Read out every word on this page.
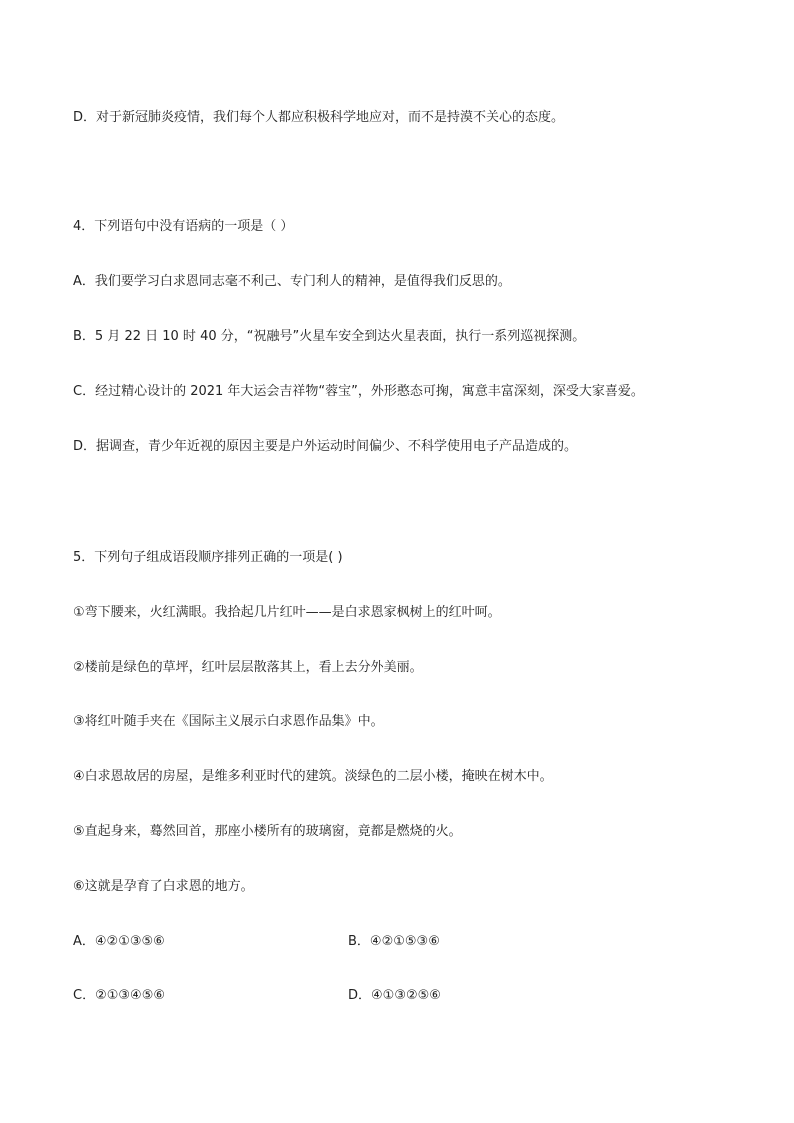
D．对于新冠肺炎疫情，我们每个人都应积极科学地应对，而不是持漠不关心的态度。
4．下列语句中没有语病的一项是（ ）
A．我们要学习白求恩同志毫不利己、专门利人的精神，是值得我们反思的。
B．5 月 22 日 10 时 40 分，“祝融号”火星车安全到达火星表面，执行一系列巡视探测。
C．经过精心设计的 2021 年大运会吉祥物“蓉宝”，外形憨态可掬，寓意丰富深刻，深受大家喜爱。
D．据调查，青少年近视的原因主要是户外运动时间偏少、不科学使用电子产品造成的。
5．下列句子组成语段顺序排列正确的一项是( )
①弯下腰来，火红满眼。我拾起几片红叶——是白求恩家枫树上的红叶呵。
②楼前是绿色的草坪，红叶层层散落其上，看上去分外美丽。
③将红叶随手夹在《国际主义展示白求恩作品集》中。
④白求恩故居的房屋，是维多利亚时代的建筑。淡绿色的二层小楼，掩映在树木中。
⑤直起身来，蓦然回首，那座小楼所有的玻璃窗，竟都是燃烧的火。
⑥这就是孕育了白求恩的地方。
A．④②①③⑤⑥	B．④②①⑤③⑥
C．②①③④⑤⑥	D．④①③②⑤⑥
